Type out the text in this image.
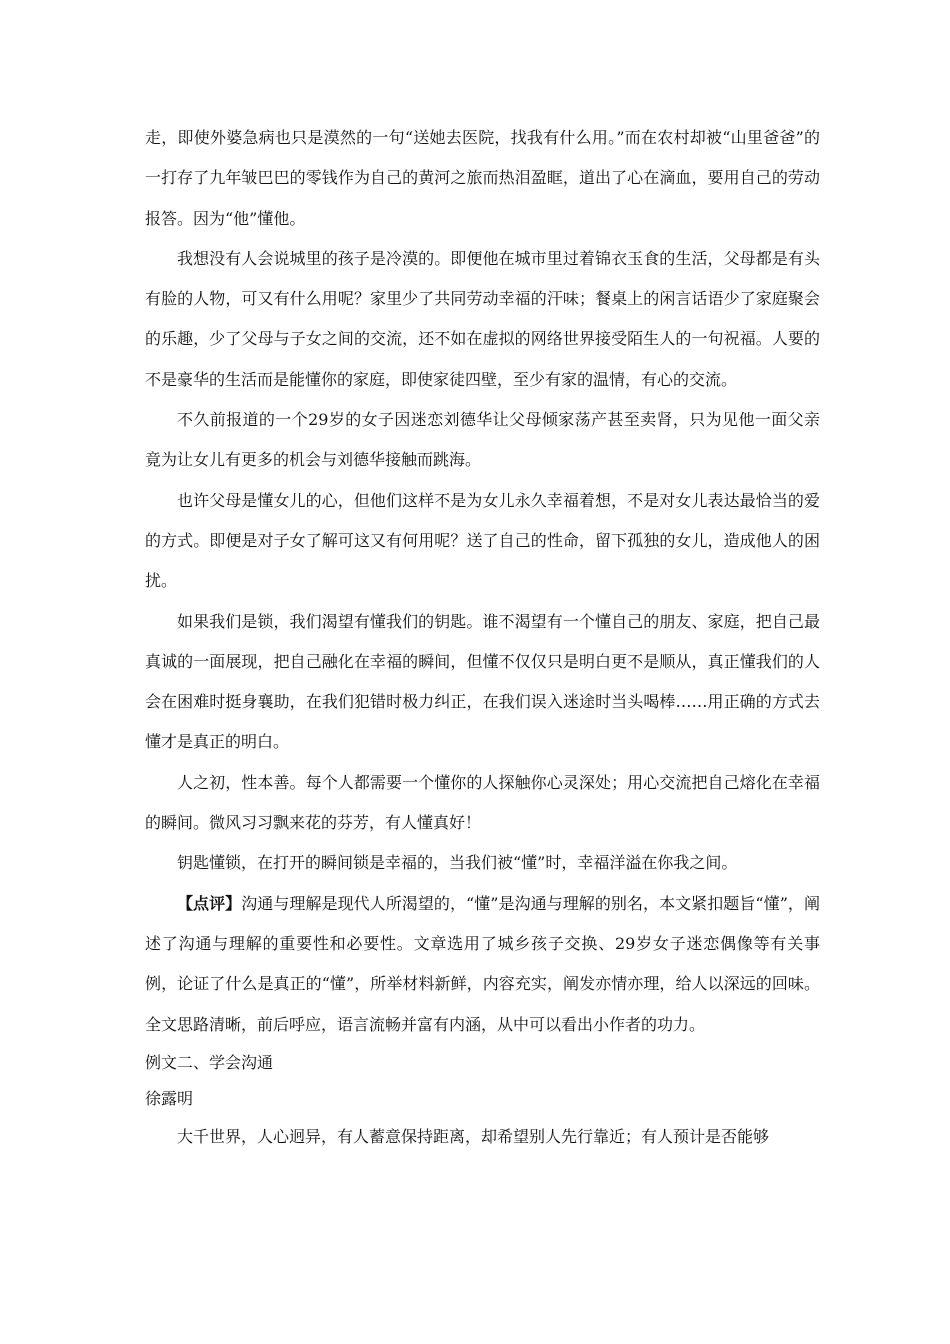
走，即使外婆急病也只是漠然的一句“送她去医院，找我有什么用。”而在农村却被“山里爸爸”的一打存了九年皱巴巴的零钱作为自己的黄河之旅而热泪盈眶，道出了心在滴血，要用自己的劳动报答。因为“他”懂他。

我想没有人会说城里的孩子是冷漠的。即便他在城市里过着锦衣玉食的生活，父母都是有头有脸的人物，可又有什么用呢？家里少了共同劳动幸福的汗味；餐桌上的闲言话语少了家庭聚会的乐趣，少了父母与子女之间的交流，还不如在虚拟的网络世界接受陌生人的一句祝福。人要的不是豪华的生活而是能懂你的家庭，即使家徒四壁，至少有家的温情，有心的交流。

不久前报道的一个29岁的女子因迷恋刘德华让父母倾家荡产甚至卖肾，只为见他一面父亲竟为让女儿有更多的机会与刘德华接触而跳海。

也许父母是懂女儿的心，但他们这样不是为女儿永久幸福着想，不是对女儿表达最恰当的爱的方式。即便是对子女了解可这又有何用呢？送了自己的性命，留下孤独的女儿，造成他人的困扰。

如果我们是锁，我们渴望有懂我们的钥匙。谁不渴望有一个懂自己的朋友、家庭，把自己最真诚的一面展现，把自己融化在幸福的瞬间，但懂不仅仅只是明白更不是顺从，真正懂我们的人会在困难时挺身襄助，在我们犯错时极力纠正，在我们误入迷途时当头喝棒……用正确的方式去懂才是真正的明白。

人之初，性本善。每个人都需要一个懂你的人探触你心灵深处；用心交流把自己熔化在幸福的瞬间。微风习习飘来花的芬芳，有人懂真好！

钥匙懂锁，在打开的瞬间锁是幸福的，当我们被“懂”时，幸福洋溢在你我之间。

【点评】沟通与理解是现代人所渴望的，“懂”是沟通与理解的别名，本文紧扣题旨“懂”，阐述了沟通与理解的重要性和必要性。文章选用了城乡孩子交换、29岁女子迷恋偶像等有关事例，论证了什么是真正的“懂”，所举材料新鲜，内容充实，阐发亦情亦理，给人以深远的回味。全文思路清晰，前后呼应，语言流畅并富有内涵，从中可以看出小作者的功力。

例文二、学会沟通
徐露明

大千世界，人心迥异，有人蓄意保持距离，却希望别人先行靠近；有人预计是否能够
